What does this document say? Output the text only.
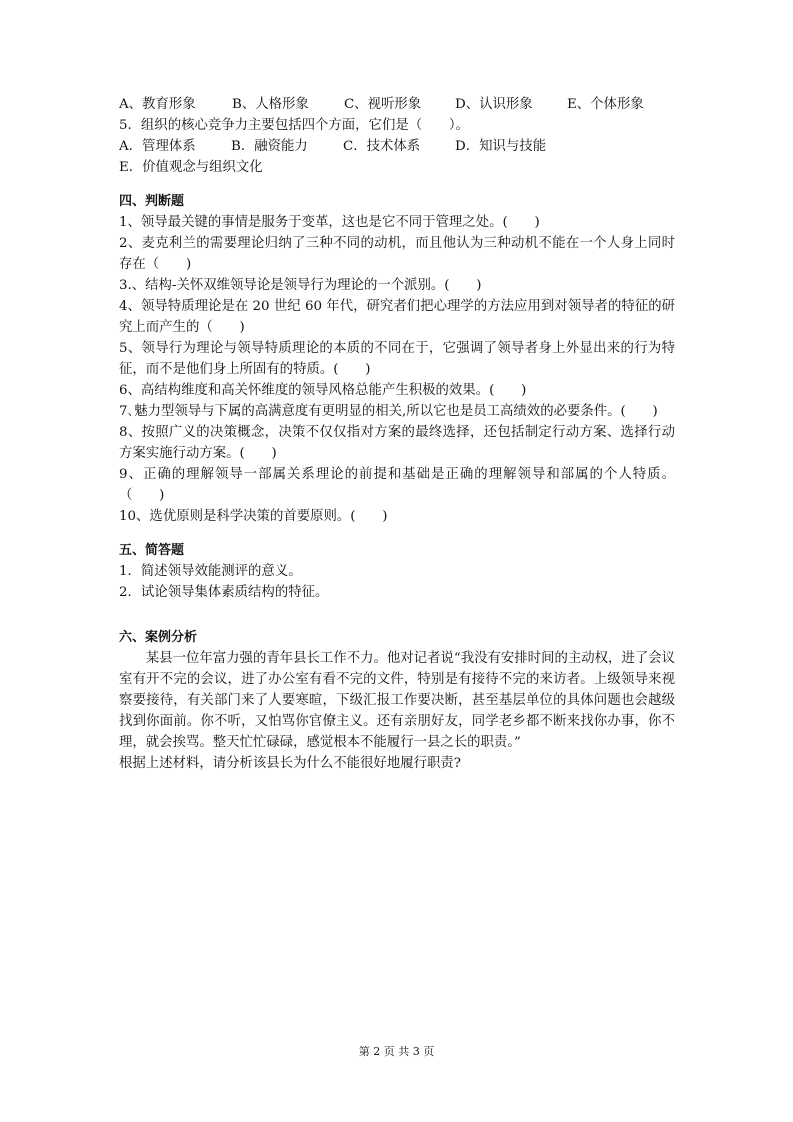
A、教育形象	B、人格形象	C、视听形象	D、认识形象	E、个体形象
5．组织的核心竞争力主要包括四个方面，它们是（　　）。
A．管理体系	B．融资能力	C．技术体系	D．知识与技能
E．价值观念与组织文化
四、判断题
1、领导最关键的事情是服务于变革，这也是它不同于管理之处。(　　)
2、麦克利兰的需要理论归纳了三种不同的动机，而且他认为三种动机不能在一个人身上同时存在（　　)
3.、结构-关怀双维领导论是领导行为理论的一个派别。(　　)
4、领导特质理论是在 20 世纪 60 年代，研究者们把心理学的方法应用到对领导者的特征的研究上而产生的（　　)
5、领导行为理论与领导特质理论的本质的不同在于，它强调了领导者身上外显出来的行为特征，而不是他们身上所固有的特质。(　　)
6、高结构维度和高关怀维度的领导风格总能产生积极的效果。(　　)
7､魅力型领导与下属的高满意度有更明显的相关,所以它也是员工高绩效的必要条件。(　　)
8、按照广义的决策概念，决策不仅仅指对方案的最终选择，还包括制定行动方案、选择行动方案实施行动方案。(　　)
9、正确的理解领导一部属关系理论的前提和基础是正确的理解领导和部属的个人特质。（　　)
10、选优原则是科学决策的首要原则。(　　)
五、简答题
1．简述领导效能测评的意义。
2．试论领导集体素质结构的特征。
六、案例分析
某县一位年富力强的青年县长工作不力。他对记者说“我没有安排时间的主动权，进了会议室有开不完的会议，进了办公室有看不完的文件，特别是有接待不完的来访者。上级领导来视察要接待，有关部门来了人要寒暄，下级汇报工作要决断，甚至基层单位的具体问题也会越级找到你面前。你不听，又怕骂你官僚主义。还有亲朋好友，同学老乡都不断来找你办事，你不理，就会挨骂。整天忙忙碌碌，感觉根本不能履行一县之长的职责。”
根据上述材料，请分析该县长为什么不能很好地履行职责?
第 2 页 共 3 页
